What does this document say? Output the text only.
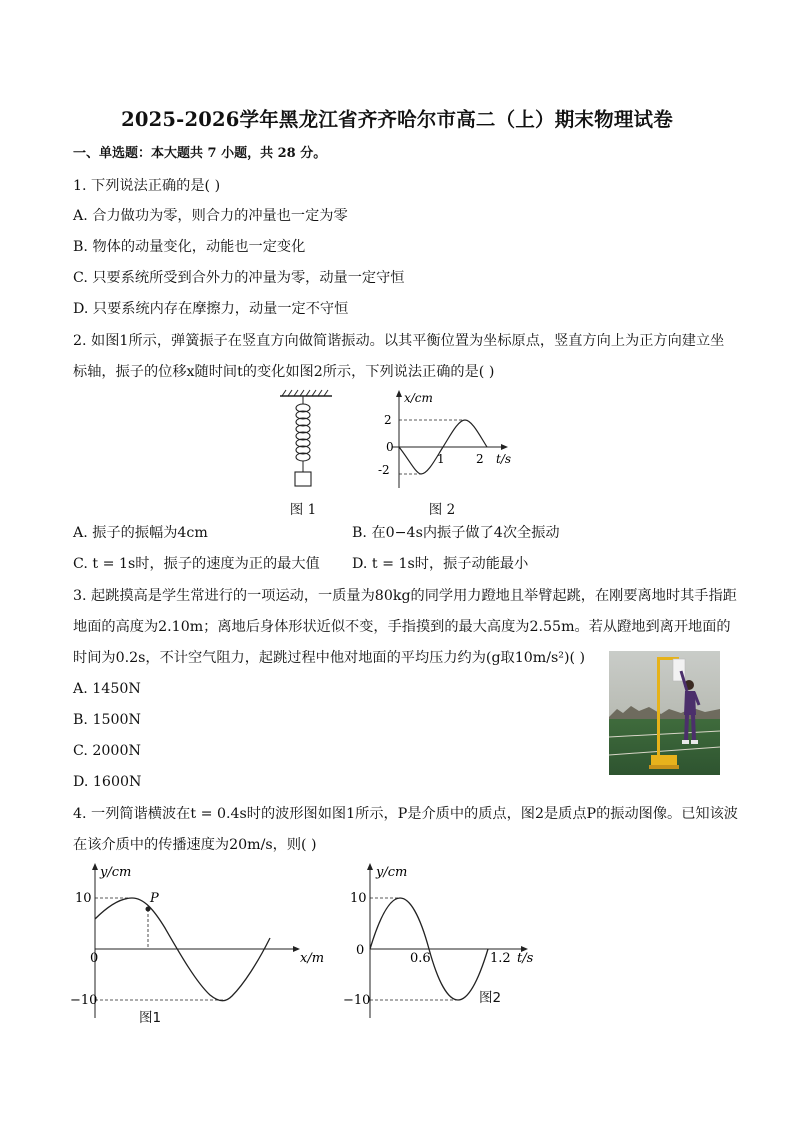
2025-2026学年黑龙江省齐齐哈尔市高二（上）期末物理试卷
一、单选题：本大题共 7 小题，共 28 分。
1. 下列说法正确的是( )
A. 合力做功为零，则合力的冲量也一定为零
B. 物体的动量变化，动能也一定变化
C. 只要系统所受到合外力的冲量为零，动量一定守恒
D. 只要系统内存在摩擦力，动量一定不守恒
2. 如图1所示，弹簧振子在竖直方向做简谐振动。以其平衡位置为坐标原点，竖直方向上为正方向建立坐
标轴，振子的位移x随时间t的变化如图2所示，下列说法正确的是( )
图 1
x/cm
2
0
-2
1	2 t/s
图 2
A. 振子的振幅为4cm	B. 在0−4s内振子做了4次全振动
C. t = 1s时，振子的速度为正的最大值 D. t = 1s时，振子动能最小
3. 起跳摸高是学生常进行的一项运动，一质量为80kg的同学用力蹬地且举臂起跳，在刚要离地时其手指距
地面的高度为2.10m；离地后身体形状近似不变，手指摸到的最大高度为2.55m。若从蹬地到离开地面的
时间为0.2s，不计空气阻力，起跳过程中他对地面的平均压力约为(g取10m/s²)( )
A. 1450N
B. 1500N
C. 2000N
D. 1600N
4. 一列简谐横波在t = 0.4s时的波形图如图1所示，P是介质中的质点，图2是质点P的振动图像。已知该波
在该介质中的传播速度为20m/s，则( )
y/cm
10
0
−10
P
x/m
图1
y/cm
10
0
−10
0.6	1.2 t/s
图2
